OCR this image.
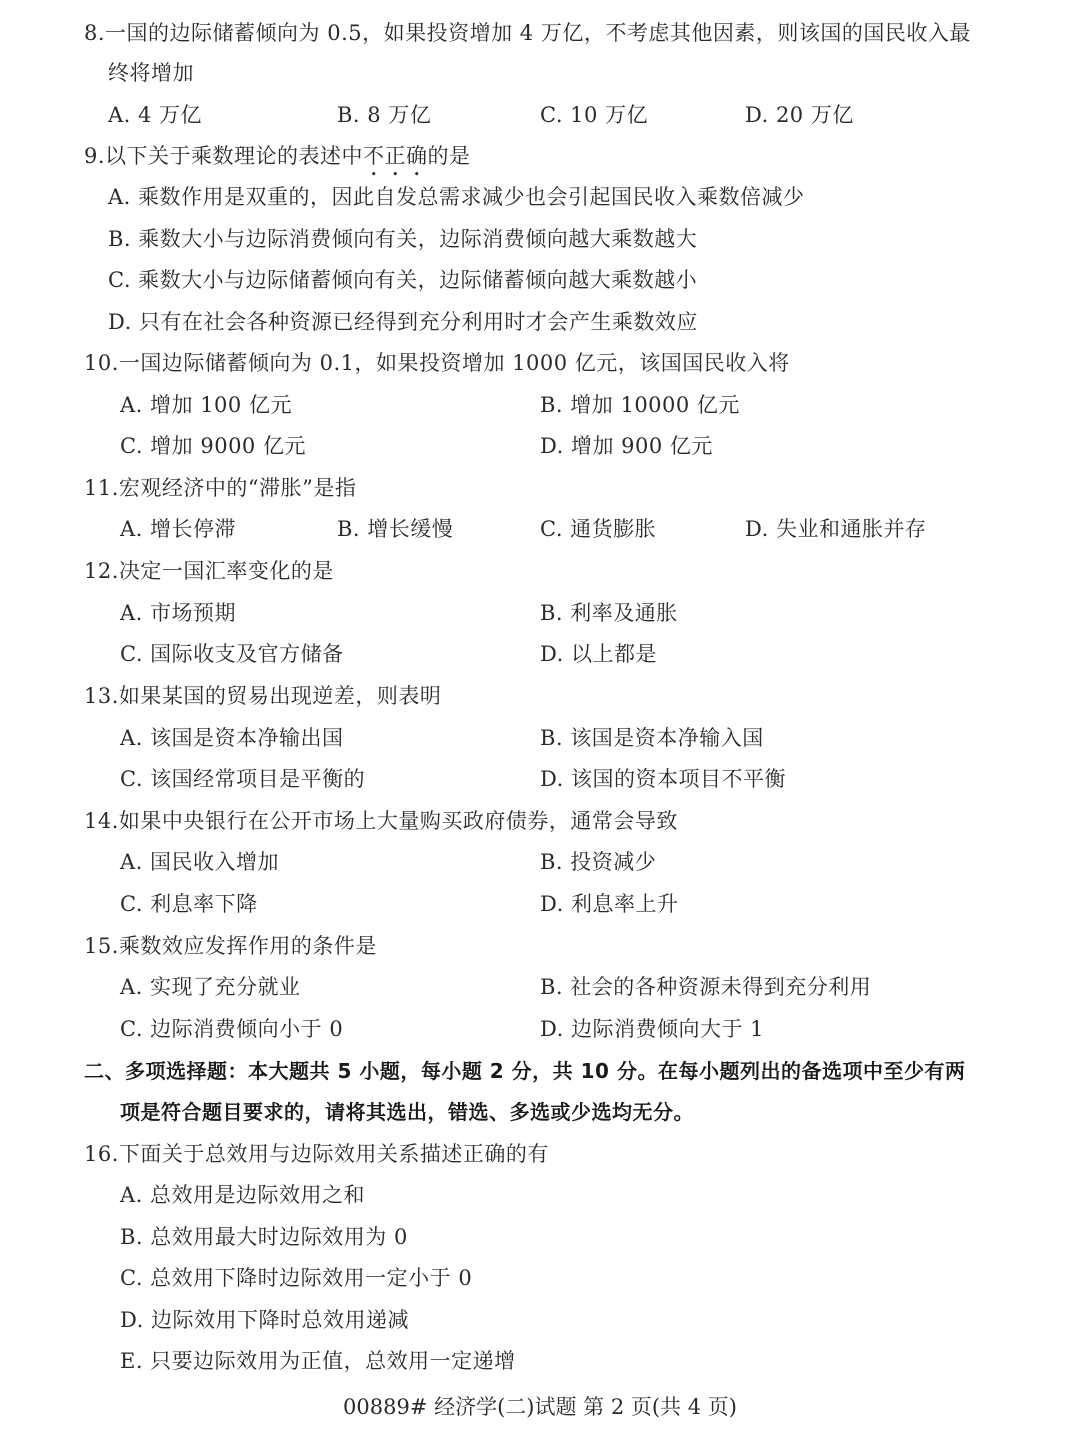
8.一国的边际储蓄倾向为 0.5，如果投资增加 4 万亿，不考虑其他因素，则该国的国民收入最
终将增加
A. 4 万亿	B. 8 万亿	C. 10 万亿	D. 20 万亿
9.以下关于乘数理论的表述中不正确的是
A. 乘数作用是双重的，因此自发总需求减少也会引起国民收入乘数倍减少
B. 乘数大小与边际消费倾向有关，边际消费倾向越大乘数越大
C. 乘数大小与边际储蓄倾向有关，边际储蓄倾向越大乘数越小
D. 只有在社会各种资源已经得到充分利用时才会产生乘数效应
10.一国边际储蓄倾向为 0.1，如果投资增加 1000 亿元，该国国民收入将
A. 增加 100 亿元	B. 增加 10000 亿元
C. 增加 9000 亿元	D. 增加 900 亿元
11.宏观经济中的“滞胀”是指
A. 增长停滞	B. 增长缓慢	C. 通货膨胀	D. 失业和通胀并存
12.决定一国汇率变化的是
A. 市场预期	B. 利率及通胀
C. 国际收支及官方储备	D. 以上都是
13.如果某国的贸易出现逆差，则表明
A. 该国是资本净输出国	B. 该国是资本净输入国
C. 该国经常项目是平衡的	D. 该国的资本项目不平衡
14.如果中央银行在公开市场上大量购买政府债券，通常会导致
A. 国民收入增加	B. 投资减少
C. 利息率下降	D. 利息率上升
15.乘数效应发挥作用的条件是
A. 实现了充分就业	B. 社会的各种资源未得到充分利用
C. 边际消费倾向小于 0	D. 边际消费倾向大于 1
二、多项选择题：本大题共 5 小题，每小题 2 分，共 10 分。在每小题列出的备选项中至少有两
项是符合题目要求的，请将其选出，错选、多选或少选均无分。
16.下面关于总效用与边际效用关系描述正确的有
A. 总效用是边际效用之和
B. 总效用最大时边际效用为 0
C. 总效用下降时边际效用一定小于 0
D. 边际效用下降时总效用递减
E. 只要边际效用为正值，总效用一定递增
00889# 经济学(二)试题 第 2 页(共 4 页)
